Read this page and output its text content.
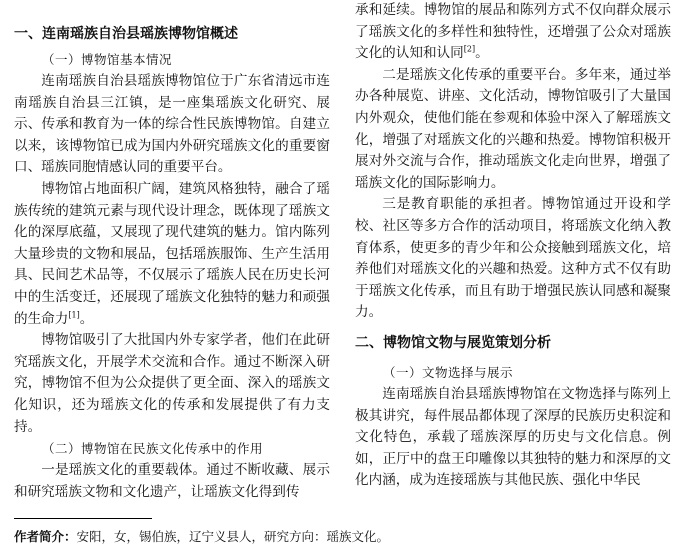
一、连南瑶族自治县瑶族博物馆概述
（一）博物馆基本情况

连南瑶族自治县瑶族博物馆位于广东省清远市连南瑶族自治县三江镇，是一座集瑶族文化研究、展示、传承和教育为一体的综合性民族博物馆。自建立以来，该博物馆已成为国内外研究瑶族文化的重要窗口、瑶族同胞情感认同的重要平台。

博物馆占地面积广阔，建筑风格独特，融合了瑶族传统的建筑元素与现代设计理念，既体现了瑶族文化的深厚底蕴，又展现了现代建筑的魅力。馆内陈列大量珍贵的文物和展品，包括瑶族服饰、生产生活用具、民间艺术品等，不仅展示了瑶族人民在历史长河中的生活变迁，还展现了瑶族文化独特的魅力和顽强的生命力[1]。

博物馆吸引了大批国内外专家学者，他们在此研究瑶族文化，开展学术交流和合作。通过不断深入研究，博物馆不但为公众提供了更全面、深入的瑶族文化知识，还为瑶族文化的传承和发展提供了有力支持。

（二）博物馆在民族文化传承中的作用

一是瑶族文化的重要载体。通过不断收藏、展示和研究瑶族文物和文化遗产，让瑶族文化得到传

承和延续。博物馆的展品和陈列方式不仅向群众展示了瑶族文化的多样性和独特性，还增强了公众对瑶族文化的认知和认同[2]。

二是瑶族文化传承的重要平台。多年来，通过举办各种展览、讲座、文化活动，博物馆吸引了大量国内外观众，使他们能在参观和体验中深入了解瑶族文化，增强了对瑶族文化的兴趣和热爱。博物馆积极开展对外交流与合作，推动瑶族文化走向世界，增强了瑶族文化的国际影响力。

三是教育职能的承担者。博物馆通过开设和学校、社区等多方合作的活动项目，将瑶族文化纳入教育体系，使更多的青少年和公众接触到瑶族文化，培养他们对瑶族文化的兴趣和热爱。这种方式不仅有助于瑶族文化传承，而且有助于增强民族认同感和凝聚力。

二、博物馆文物与展览策划分析
（一）文物选择与展示

连南瑶族自治县瑶族博物馆在文物选择与陈列上极其讲究，每件展品都体现了深厚的民族历史积淀和文化特色，承载了瑶族深厚的历史与文化信息。例如，正厅中的盘王印雕像以其独特的魅力和深厚的文化内涵，成为连接瑶族与其他民族、强化中华民

作者简介：安阳，女，锡伯族，辽宁义县人，研究方向：瑶族文化。
